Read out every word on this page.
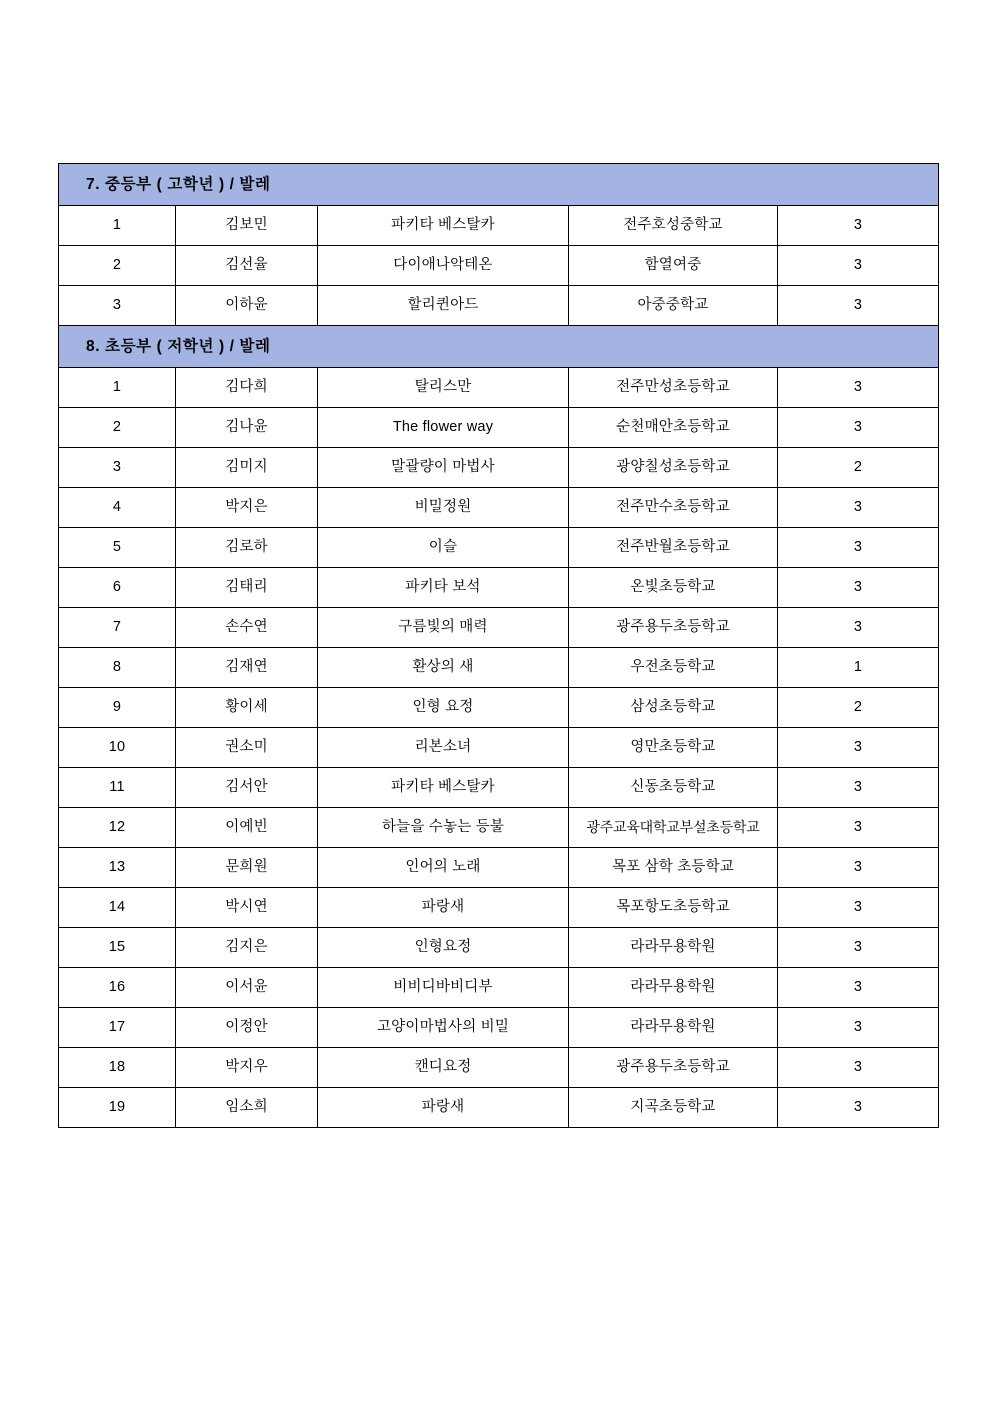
7. 중등부 ( 고학년 ) / 발레				
1	김보민	파키타 베스탈카	전주호성중학교	3
2	김선율	다이애나악테온	함열여중	3
3	이하윤	할리퀸아드	아중중학교	3
8. 초등부 ( 저학년 ) / 발레				
1	김다희	탈리스만	전주만성초등학교	3
2	김나윤	The flower way	순천매안초등학교	3
3	김미지	말괄량이 마법사	광양칠성초등학교	2
4	박지은	비밀정원	전주만수초등학교	3
5	김로하	이슬	전주반월초등학교	3
6	김태리	파키타 보석	온빛초등학교	3
7	손수연	구름빛의 매력	광주용두초등학교	3
8	김재연	환상의 새	우전초등학교	1
9	황이세	인형 요정	삼성초등학교	2
10	권소미	리본소녀	영만초등학교	3
11	김서안	파키타 베스탈카	신동초등학교	3
12	이예빈	하늘을 수놓는 등불	광주교육대학교부설초등학교	3
13	문희원	인어의 노래	목포 삼학 초등학교	3
14	박시연	파랑새	목포항도초등학교	3
15	김지은	인형요정	라라무용학원	3
16	이서윤	비비디바비디부	라라무용학원	3
17	이정안	고양이마법사의 비밀	라라무용학원	3
18	박지우	캔디요정	광주용두초등학교	3
19	임소희	파랑새	지곡초등학교	3
